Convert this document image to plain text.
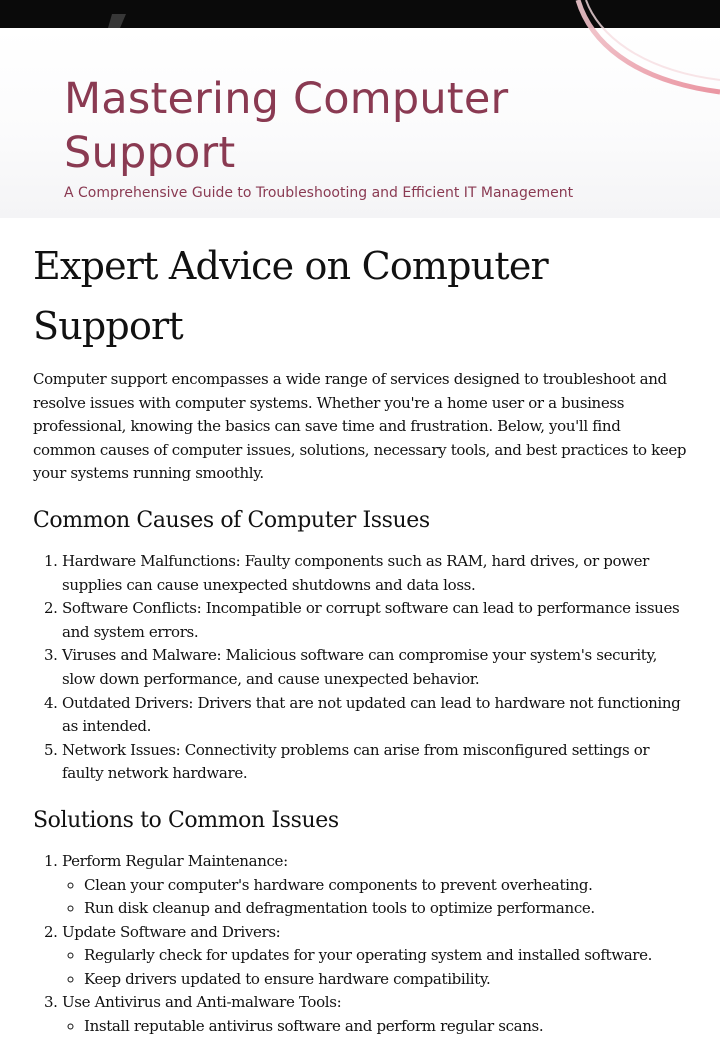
Mastering Computer Support

A Comprehensive Guide to Troubleshooting and Efficient IT Management

Expert Advice on Computer Support

Computer support encompasses a wide range of services designed to troubleshoot and resolve issues with computer systems. Whether you're a home user or a business professional, knowing the basics can save time and frustration. Below, you'll find common causes of computer issues, solutions, necessary tools, and best practices to keep your systems running smoothly.

Common Causes of Computer Issues
1. Hardware Malfunctions: Faulty components such as RAM, hard drives, or power supplies can cause unexpected shutdowns and data loss.
2. Software Conflicts: Incompatible or corrupt software can lead to performance issues and system errors.
3. Viruses and Malware: Malicious software can compromise your system's security, slow down performance, and cause unexpected behavior.
4. Outdated Drivers: Drivers that are not updated can lead to hardware not functioning as intended.
5. Network Issues: Connectivity problems can arise from misconfigured settings or faulty network hardware.
Solutions to Common Issues
1. Perform Regular Maintenance:
◦ Clean your computer's hardware components to prevent overheating.
◦ Run disk cleanup and defragmentation tools to optimize performance.
2. Update Software and Drivers:
◦ Regularly check for updates for your operating system and installed software.
◦ Keep drivers updated to ensure hardware compatibility.
3. Use Antivirus and Anti-malware Tools:
◦ Install reputable antivirus software and perform regular scans.
